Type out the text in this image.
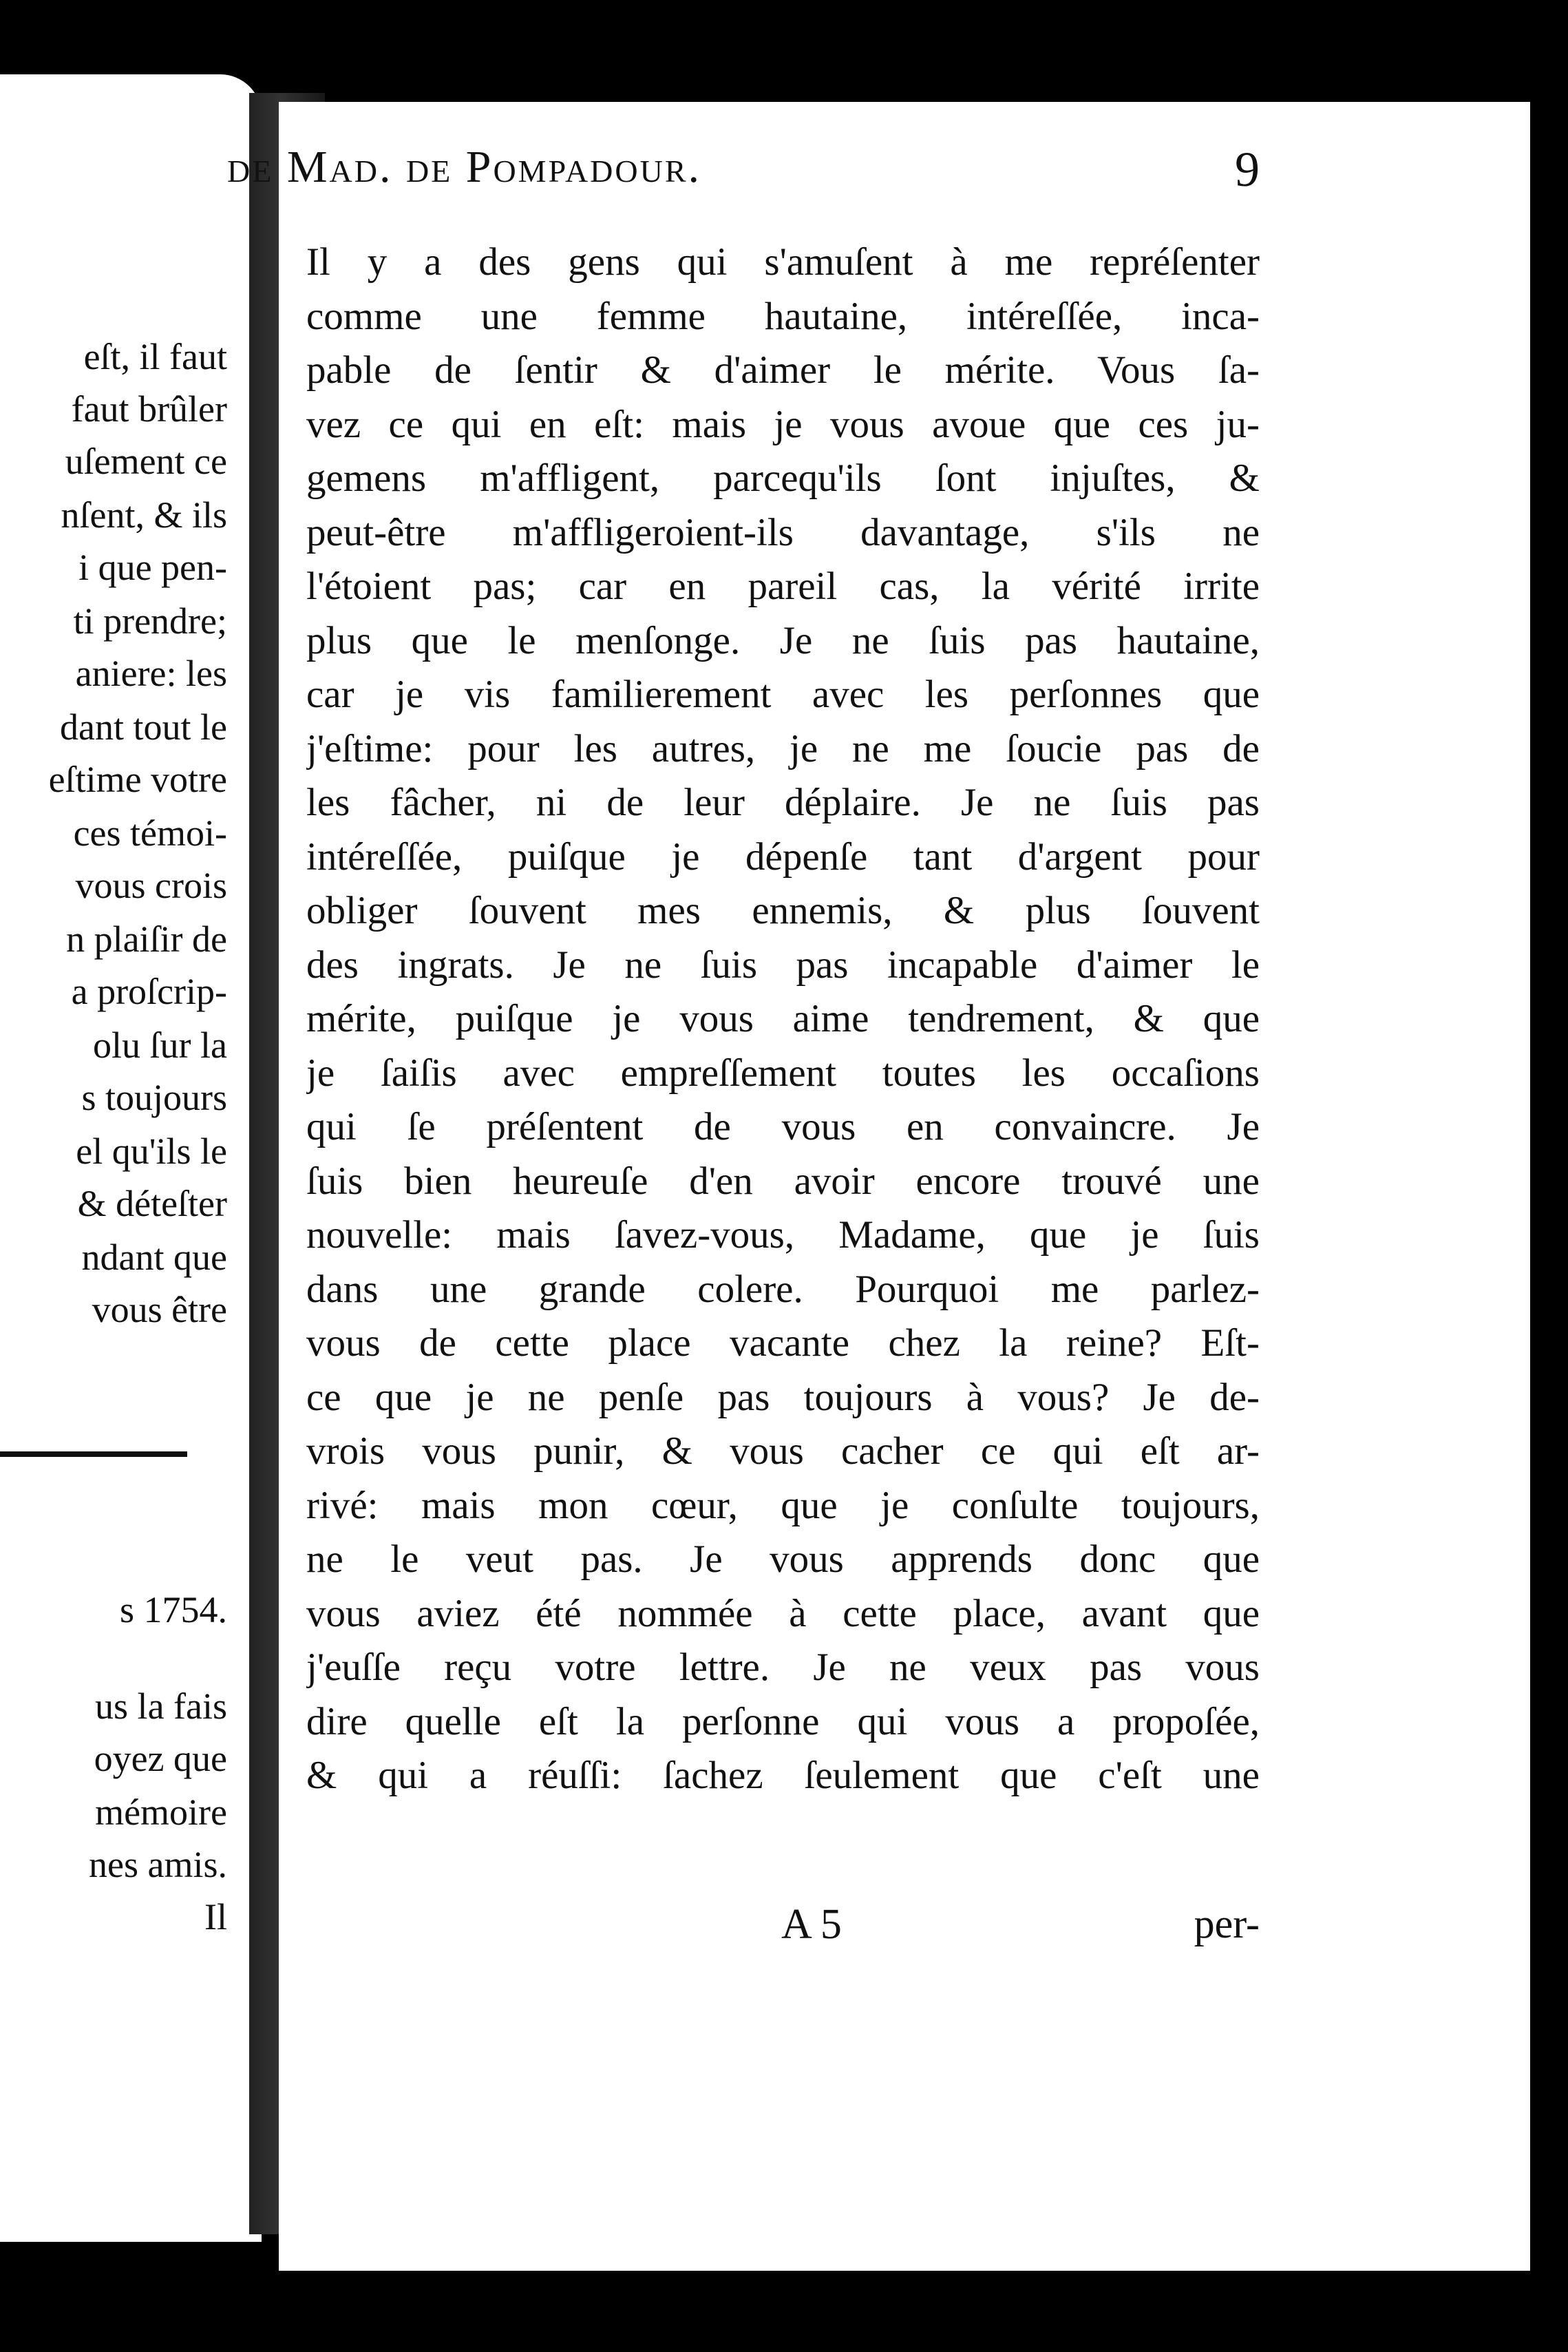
eſt, il faut
faut brûler
uſement ce
nſent, & ils
i que pen-
ti prendre;
aniere: les
dant tout le
eſtime votre
ces témoi-
vous crois
n plaiſir de
a proſcrip-
olu ſur la
s toujours
el qu'ils le
& déteſter
ndant que
vous être
s 1754.
us la fais
oyez que
mémoire
nes amis.
Il
de Mad. de Pompadour.	9
Il y a des gens qui s'amuſent à me repréſenter
comme une femme hautaine, intéreſſée, inca-
pable de ſentir & d'aimer le mérite. Vous ſa-
vez ce qui en eſt: mais je vous avoue que ces ju-
gemens m'affligent, parcequ'ils ſont injuſtes, &
peut-être m'affligeroient-ils davantage, s'ils ne
l'étoient pas; car en pareil cas, la vérité irrite
plus que le menſonge. Je ne ſuis pas hautaine,
car je vis familierement avec les perſonnes que
j'eſtime: pour les autres, je ne me ſoucie pas de
les fâcher, ni de leur déplaire. Je ne ſuis pas
intéreſſée, puiſque je dépenſe tant d'argent pour
obliger ſouvent mes ennemis, & plus ſouvent
des ingrats. Je ne ſuis pas incapable d'aimer le
mérite, puiſque je vous aime tendrement, & que
je ſaiſis avec empreſſement toutes les occaſions
qui ſe préſentent de vous en convaincre. Je
ſuis bien heureuſe d'en avoir encore trouvé une
nouvelle: mais ſavez-vous, Madame, que je ſuis
dans une grande colere. Pourquoi me parlez-
vous de cette place vacante chez la reine? Eſt-
ce que je ne penſe pas toujours à vous? Je de-
vrois vous punir, & vous cacher ce qui eſt ar-
rivé: mais mon cœur, que je conſulte toujours,
ne le veut pas. Je vous apprends donc que
vous aviez été nommée à cette place, avant que
j'euſſe reçu votre lettre. Je ne veux pas vous
dire quelle eſt la perſonne qui vous a propoſée,
& qui a réuſſi: ſachez ſeulement que c'eſt une
A 5	per-
